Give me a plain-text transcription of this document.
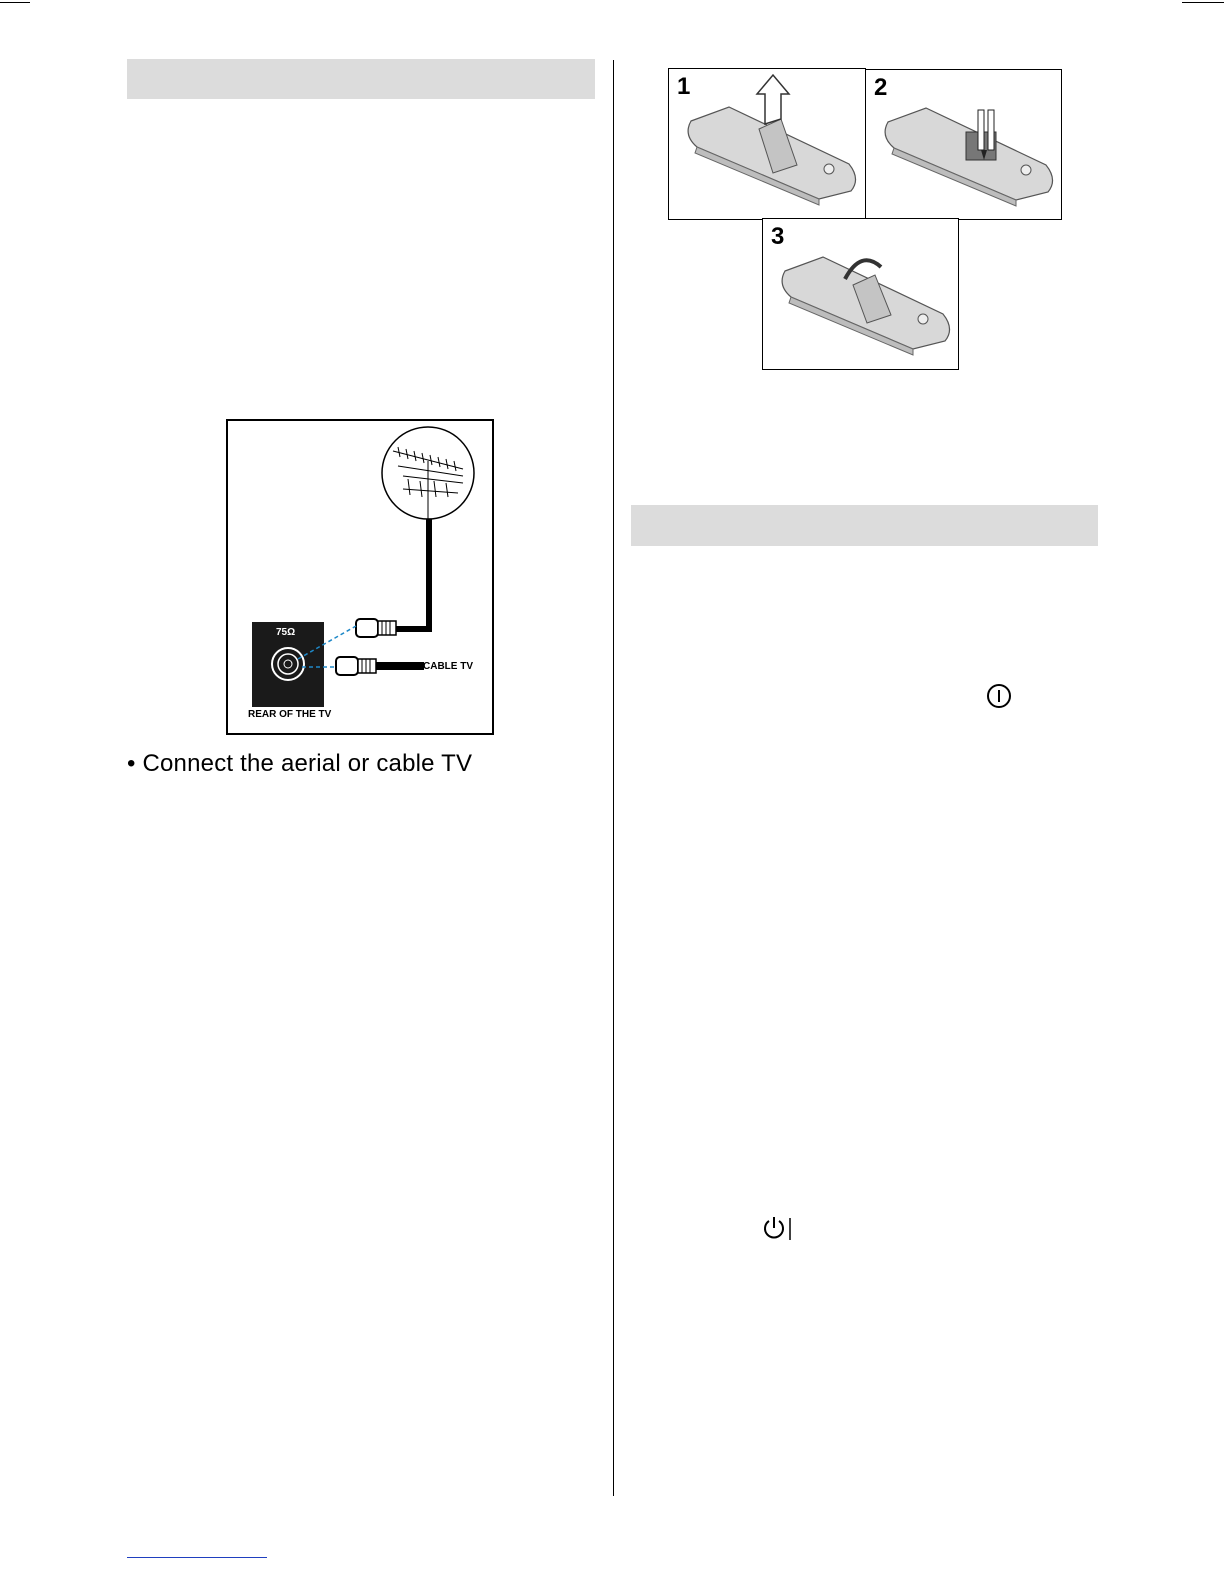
75Ω
CABLE TV
REAR OF THE TV
• Connect the aerial or cable TV
1	2
3
